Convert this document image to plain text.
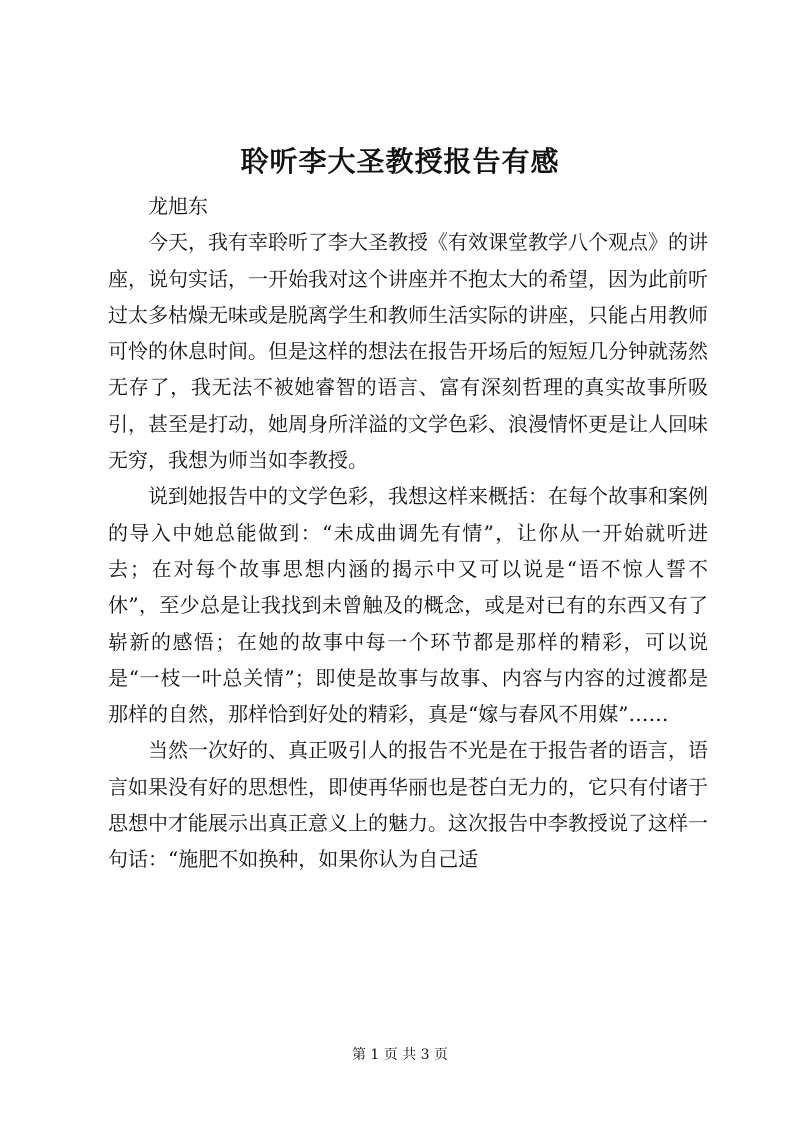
聆听李大圣教授报告有感
龙旭东

今天，我有幸聆听了李大圣教授《有效课堂教学八个观点》的讲座，说句实话，一开始我对这个讲座并不抱太大的希望，因为此前听过太多枯燥无味或是脱离学生和教师生活实际的讲座，只能占用教师可怜的休息时间。但是这样的想法在报告开场后的短短几分钟就荡然无存了，我无法不被她睿智的语言、富有深刻哲理的真实故事所吸引，甚至是打动，她周身所洋溢的文学色彩、浪漫情怀更是让人回味无穷，我想为师当如李教授。

说到她报告中的文学色彩，我想这样来概括：在每个故事和案例的导入中她总能做到：“未成曲调先有情”，让你从一开始就听进去；在对每个故事思想内涵的揭示中又可以说是“语不惊人誓不休”，至少总是让我找到未曾触及的概念，或是对已有的东西又有了崭新的感悟；在她的故事中每一个环节都是那样的精彩，可以说是“一枝一叶总关情”；即使是故事与故事、内容与内容的过渡都是那样的自然，那样恰到好处的精彩，真是“嫁与春风不用媒”……

当然一次好的、真正吸引人的报告不光是在于报告者的语言，语言如果没有好的思想性，即使再华丽也是苍白无力的，它只有付诸于思想中才能展示出真正意义上的魅力。这次报告中李教授说了这样一句话：“施肥不如换种，如果你认为自己适

第 1 页 共 3 页
